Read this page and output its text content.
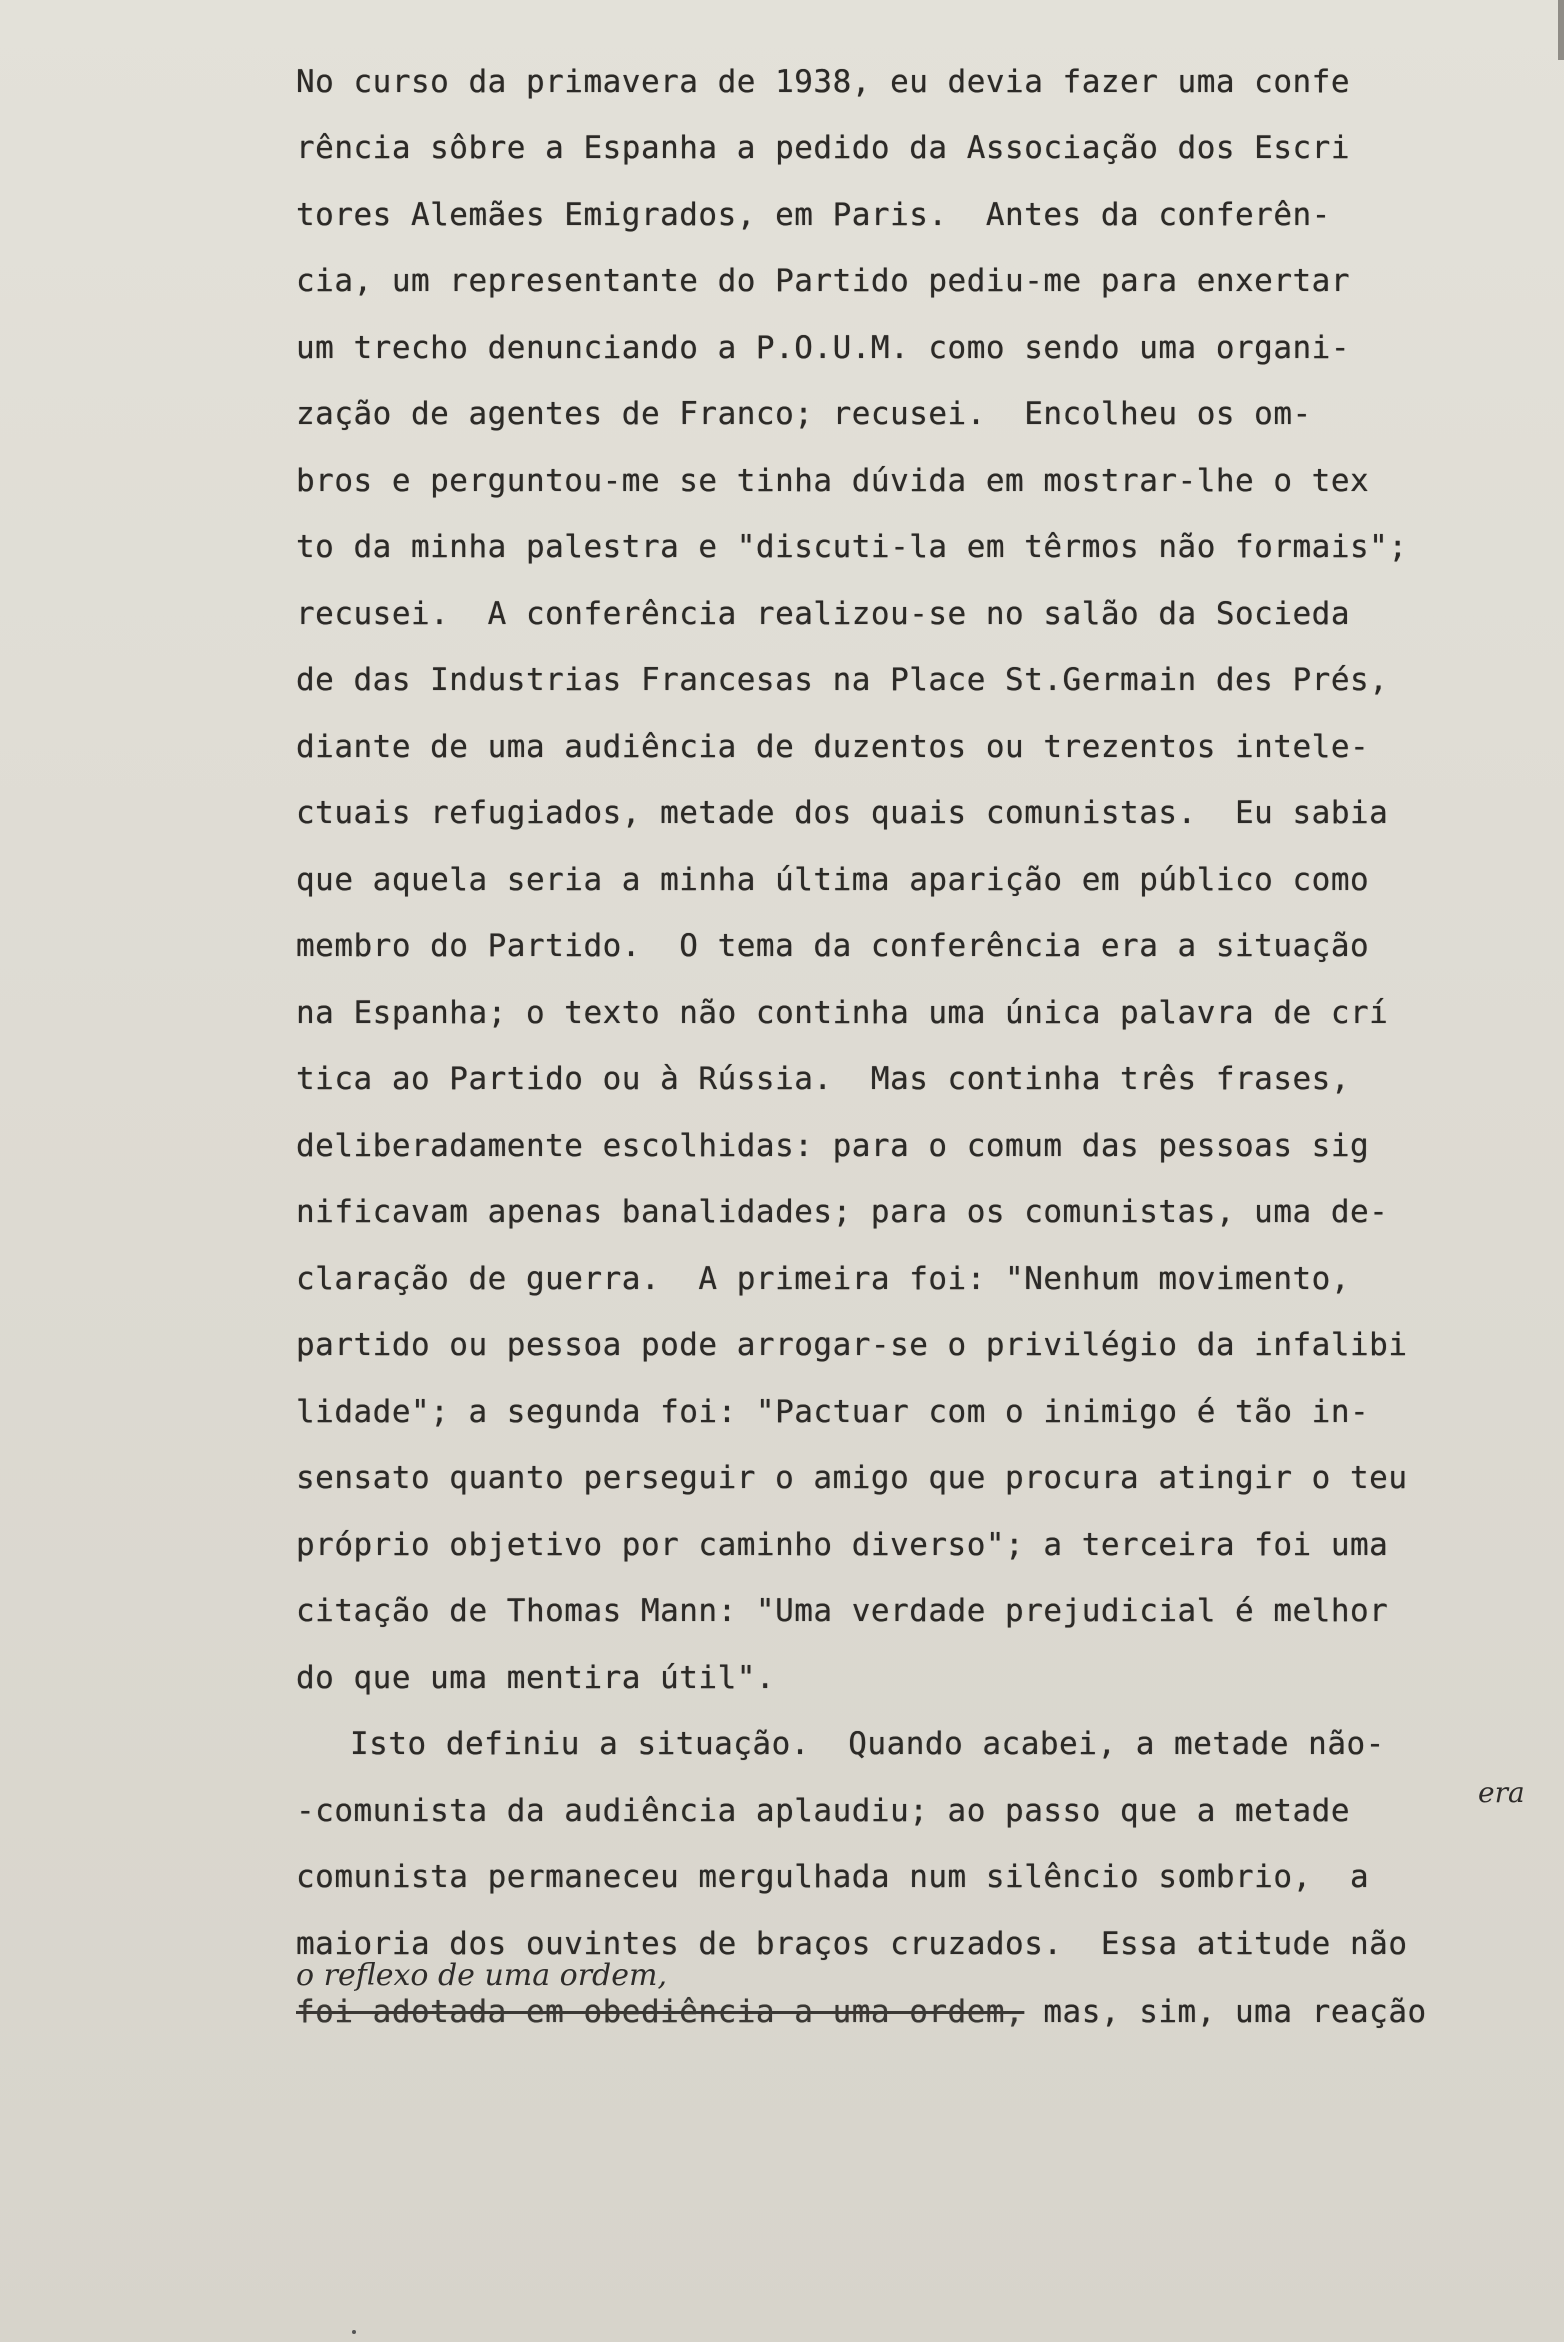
No curso da primavera de 1938, eu devia fazer uma confe
rência sôbre a Espanha a pedido da Associação dos Escri
tores Alemães Emigrados, em Paris.  Antes da conferên-
cia, um representante do Partido pediu-me para enxertar
um trecho denunciando a P.O.U.M. como sendo uma organi-
zação de agentes de Franco; recusei.  Encolheu os om-
bros e perguntou-me se tinha dúvida em mostrar-lhe o tex
to da minha palestra e "discuti-la em têrmos não formais";
recusei.  A conferência realizou-se no salão da Socieda
de das Industrias Francesas na Place St.Germain des Prés,
diante de uma audiência de duzentos ou trezentos intele-
ctuais refugiados, metade dos quais comunistas.  Eu sabia
que aquela seria a minha última aparição em público como
membro do Partido.  O tema da conferência era a situação
na Espanha; o texto não continha uma única palavra de crí
tica ao Partido ou à Rússia.  Mas continha três frases,
deliberadamente escolhidas: para o comum das pessoas sig
nificavam apenas banalidades; para os comunistas, uma de-
claração de guerra.  A primeira foi: "Nenhum movimento,
partido ou pessoa pode arrogar-se o privilégio da infalibi
lidade"; a segunda foi: "Pactuar com o inimigo é tão in-
sensato quanto perseguir o amigo que procura atingir o teu
próprio objetivo por caminho diverso"; a terceira foi uma
citação de Thomas Mann: "Uma verdade prejudicial é melhor
do que uma mentira útil".
Isto definiu a situação.  Quando acabei, a metade não-
-comunista da audiência aplaudiu; ao passo que a metade
comunista permaneceu mergulhada num silêncio sombrio,  a
maioria dos ouvintes de braços cruzados.  Essa atitude não
era
o reflexo de uma ordem,
foi adotada em obediência a uma ordem, mas, sim, uma reação
